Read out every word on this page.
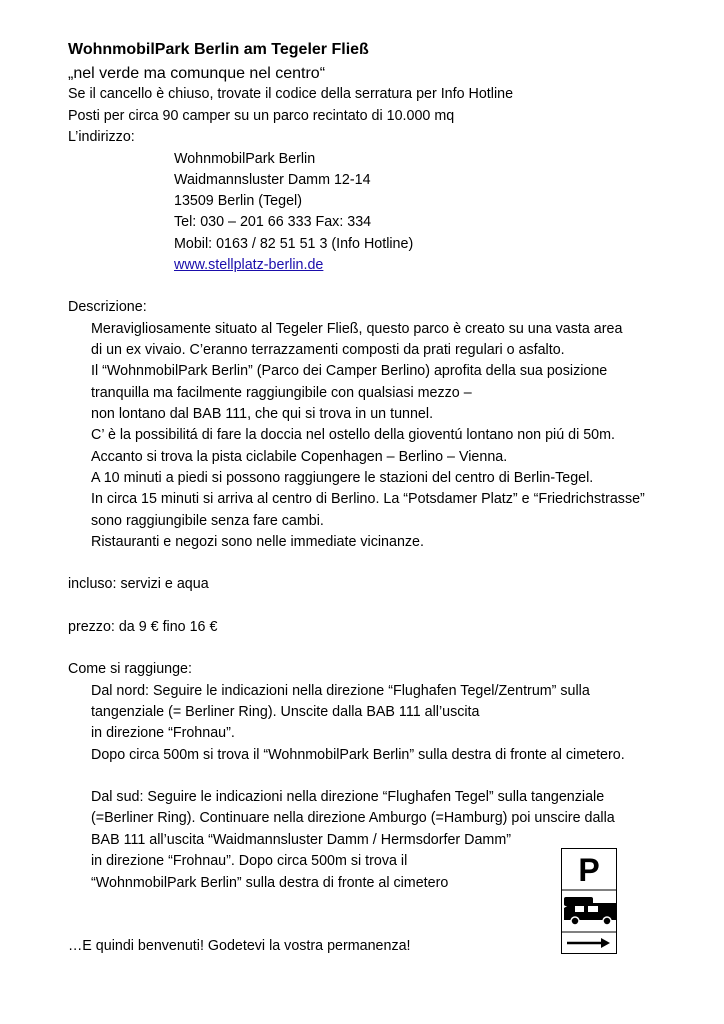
WohnmobilPark Berlin am Tegeler Fließ
„nel verde ma comunque nel centro“
Se il cancello è chiuso, trovate il codice della serratura per Info Hotline
Posti per circa 90 camper su un parco recintato di 10.000 mq
L’indirizzo:
WohnmobilPark Berlin
Waidmannsluster Damm 12-14
13509 Berlin (Tegel)
Tel: 030 – 201 66 333 Fax: 334
Mobil: 0163 / 82 51 51 3 (Info Hotline)
www.stellplatz-berlin.de
Descrizione:
Meravigliosamente situato al Tegeler Fließ, questo parco è creato su una vasta area
di un ex vivaio. C’eranno terrazzamenti composti da prati regulari o asfalto.
Il “WohnmobilPark Berlin” (Parco dei Camper Berlino) aprofita della sua posizione
tranquilla ma facilmente raggiungibile con qualsiasi mezzo –
non lontano dal BAB 111, che qui si trova in un tunnel.
C’ è la possibilitá di fare la doccia nel ostello della gioventú lontano non piú di 50m.
Accanto si trova la pista ciclabile Copenhagen – Berlino – Vienna.
A 10 minuti a piedi si possono raggiungere le stazioni del centro di Berlin-Tegel.
In circa 15 minuti si arriva al centro di Berlino. La “Potsdamer Platz” e “Friedrichstrasse”
sono raggiungibile senza fare cambi.
Ristauranti e negozi sono nelle immediate vicinanze.
incluso: servizi e aqua
prezzo: da 9 € fino 16 €
Come si raggiunge:
Dal nord: Seguire le indicazioni nella direzione “Flughafen Tegel/Zentrum” sulla
tangenziale (= Berliner Ring). Unscite dalla BAB 111 all’uscita
in direzione “Frohnau”.
Dopo circa 500m si trova il “WohnmobilPark Berlin” sulla destra di fronte al cimetero.
Dal sud: Seguire le indicazioni nella direzione “Flughafen Tegel” sulla tangenziale
(=Berliner Ring). Continuare nella direzione Amburgo (=Hamburg) poi unscire dalla
BAB 111 all’uscita “Waidmannsluster Damm / Hermsdorfer Damm”
in direzione “Frohnau”. Dopo circa 500m si trova il
“WohnmobilPark Berlin” sulla destra di fronte al cimetero
…E quindi benvenuti! Godetevi la vostra permanenza!
P
